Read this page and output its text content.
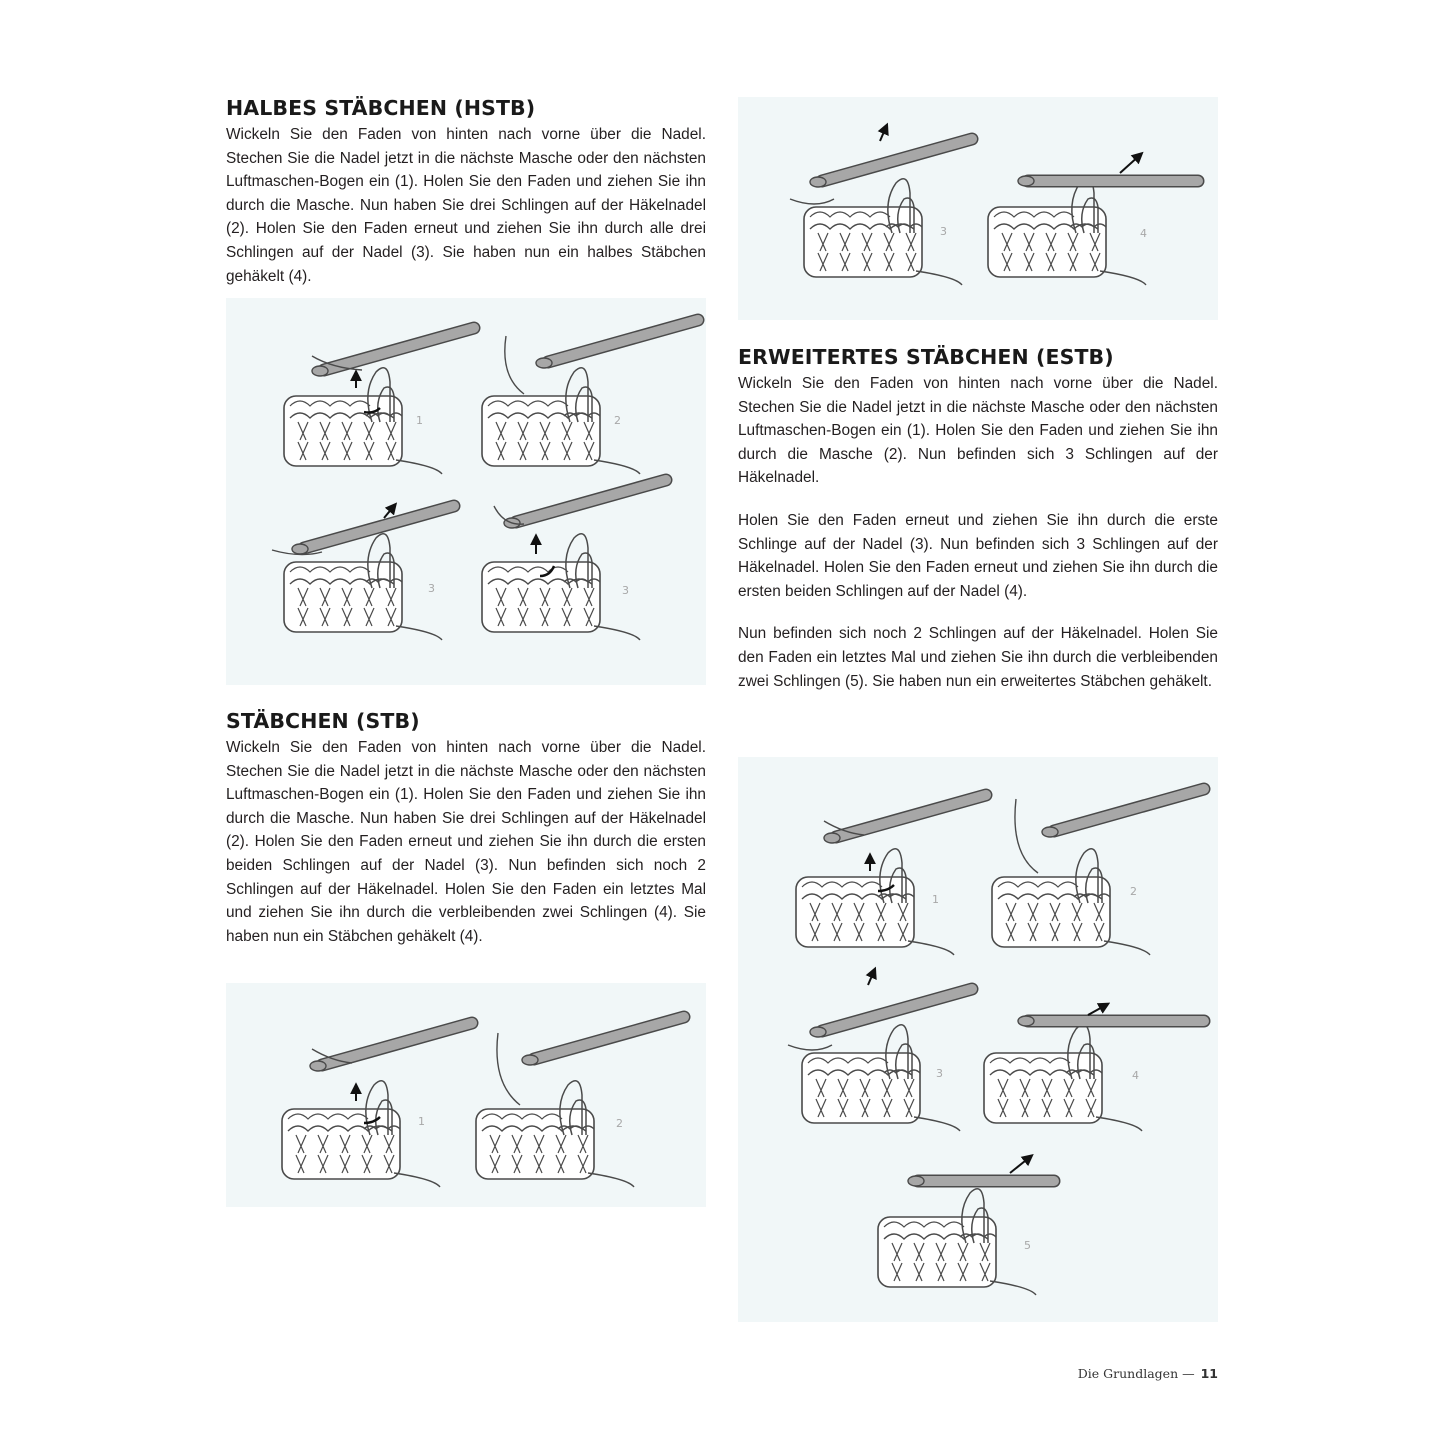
HALBES STÄBCHEN (HSTB)

Wickeln Sie den Faden von hinten nach vorne über die Nadel. Stechen Sie die Nadel jetzt in die nächste Masche oder den nächsten Luftmaschen-Bogen ein (1). Holen Sie den Faden und ziehen Sie ihn durch die Masche. Nun haben Sie drei Schlingen auf der Häkelnadel (2). Holen Sie den Faden erneut und ziehen Sie ihn durch alle drei Schlingen auf der Nadel (3). Sie haben nun ein halbes Stäbchen gehäkelt (4).

1	2
3	3
STÄBCHEN (STB)

Wickeln Sie den Faden von hinten nach vorne über die Nadel. Stechen Sie die Nadel jetzt in die nächste Masche oder den nächsten Luftmaschen-Bogen ein (1). Holen Sie den Faden und ziehen Sie ihn durch die Masche. Nun haben Sie drei Schlingen auf der Häkelnadel (2). Holen Sie den Faden erneut und ziehen Sie ihn durch die ersten beiden Schlingen auf der Nadel (3). Nun befinden sich noch 2 Schlingen auf der Häkelnadel. Holen Sie den Faden ein letztes Mal und ziehen Sie ihn durch die verbleibenden zwei Schlingen (4). Sie haben nun ein Stäbchen gehäkelt (4).

1	2
3	4
ERWEITERTES STÄBCHEN (ESTB)

Wickeln Sie den Faden von hinten nach vorne über die Nadel. Stechen Sie die Nadel jetzt in die nächste Masche oder den nächsten Luftmaschen-Bogen ein (1). Holen Sie den Faden und ziehen Sie ihn durch die Masche (2). Nun befinden sich 3 Schlingen auf der Häkelnadel.

Holen Sie den Faden erneut und ziehen Sie ihn durch die erste Schlinge auf der Nadel (3). Nun befinden sich 3 Schlingen auf der Häkelnadel. Holen Sie den Faden erneut und ziehen Sie ihn durch die ersten beiden Schlingen auf der Nadel (4).

Nun befinden sich noch 2 Schlingen auf der Häkelnadel. Holen Sie den Faden ein letztes Mal und ziehen Sie ihn durch die verbleibenden zwei Schlingen (5). Sie haben nun ein erweitertes Stäbchen gehäkelt.

1
2
3	4
5
Die Grundlagen — 11
